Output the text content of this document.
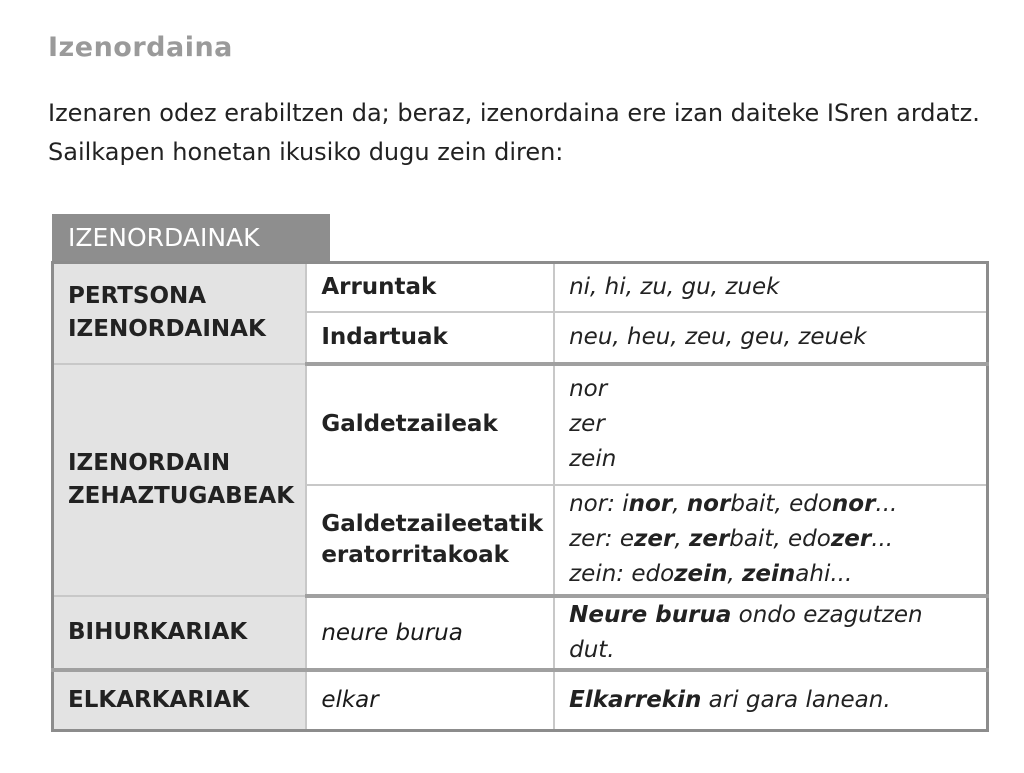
Izenordaina
Izenaren odez erabiltzen da; beraz, izenordaina ere izan daiteke ISren ardatz. Sailkapen honetan ikusiko dugu zein diren:
IZENORDAINAK
PERTSONA IZENORDAINAK	Arruntak	ni, hi, zu, gu, zuek
	Indartuak	neu, heu, zeu, geu, zeuek
IZENORDAIN ZEHAZTUGABEAK	Galdetzaileak	nor
zer
zein

	Galdetzaileetatik eratorritakoak	nor: inor, norbait, edonor...
zer: ezer, zerbait, edozer...
zein: edozein, zeinahi...

BIHURKARIAK	neure burua	Neure burua ondo ezagutzen dut.
ELKARKARIAK	elkar	Elkarrekin ari gara lanean.
